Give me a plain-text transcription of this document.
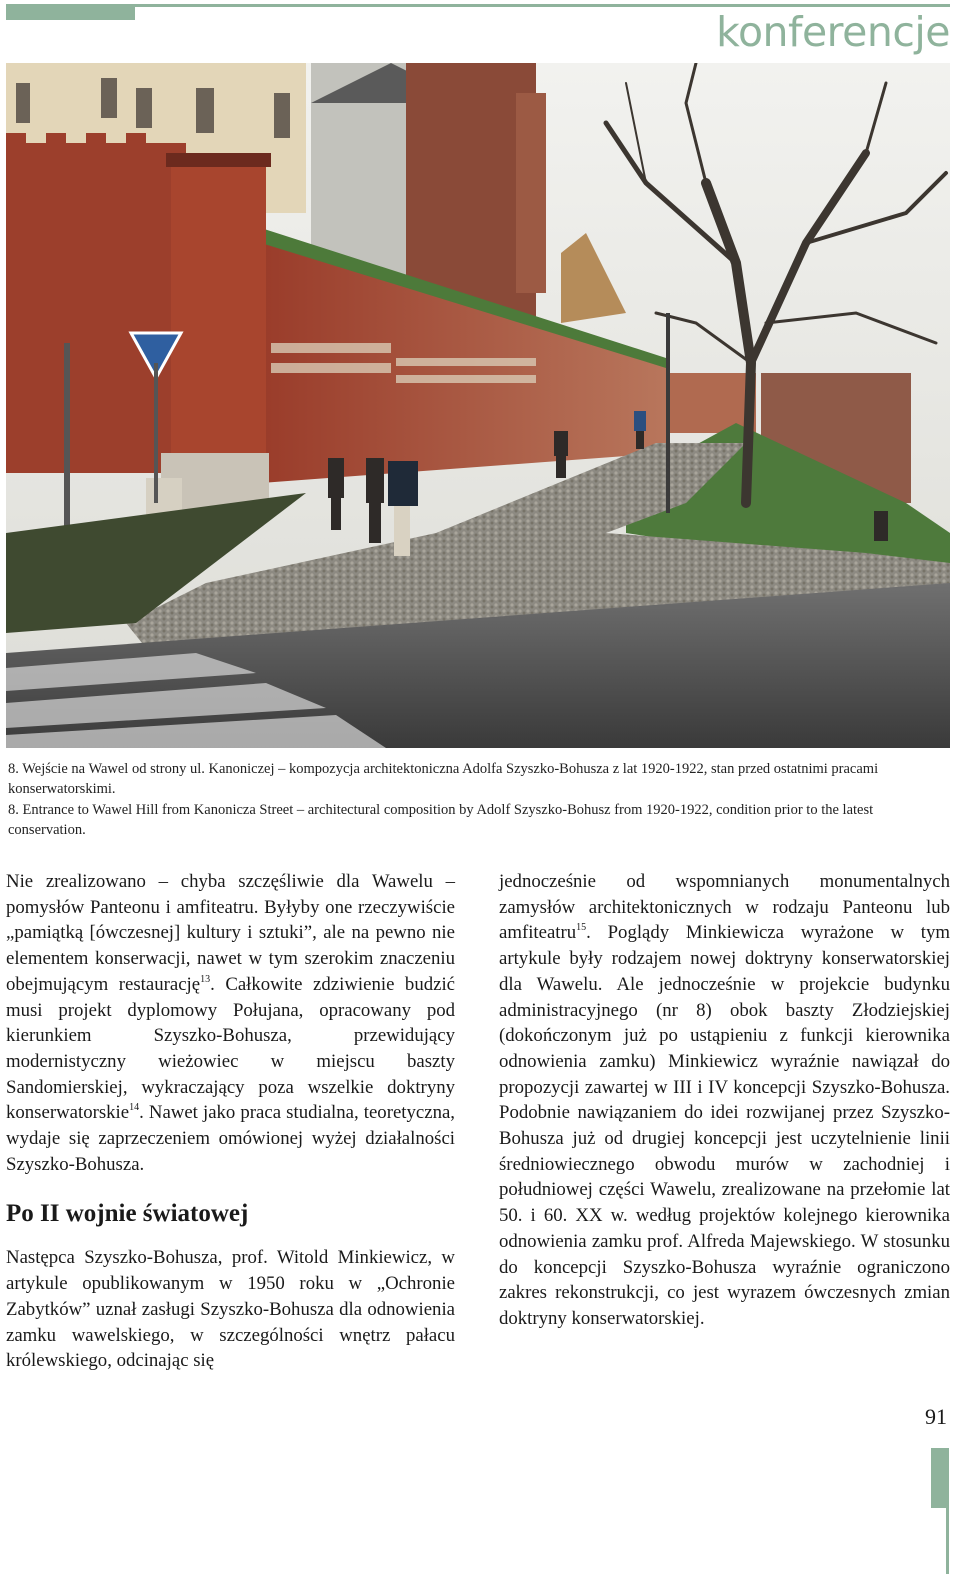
konferencje
8. Wejście na Wawel od strony ul. Kanoniczej – kompozycja architektoniczna Adolfa Szyszko-Bohusza z lat 1920-1922, stan przed ostatnimi pracami konserwatorskimi.
8. Entrance to Wawel Hill from Kanonicza Street – architectural composition by Adolf Szyszko-Bohusz from 1920-1922, condition prior to the latest conservation.

Nie zrealizowano – chyba szczęśliwie dla Wawelu – pomysłów Panteonu i amfiteatru. Byłyby one rzeczywiście „pamiątką [ówczesnej] kultury i sztuki”, ale na pewno nie elementem konserwacji, nawet w tym szerokim znaczeniu obejmującym restaurację$^{13}$. Całkowite zdziwienie budzić musi projekt dyplomowy Połujana, opracowany pod kierunkiem Szyszko-Bohusza, przewidujący modernistyczny wieżowiec w miejscu baszty Sandomierskiej, wykraczający poza wszelkie doktryny konserwatorskie$^{14}$. Nawet jako praca studialna, teoretyczna, wydaje się zaprzeczeniem omówionej wyżej działalności Szyszko-Bohusza.

Po II wojnie światowej

Następca Szyszko-Bohusza, prof. Witold Minkiewicz, w artykule opublikowanym w 1950 roku w „Ochronie Zabytków” uznał zasługi Szyszko-Bohusza dla odnowienia zamku wawelskiego, w szczególności wnętrz pałacu królewskiego, odcinając się

jednocześnie od wspomnianych monumentalnych zamysłów architektonicznych w rodzaju Panteonu lub amfiteatru$^{15}$. Poglądy Minkiewicza wyrażone w tym artykule były rodzajem nowej doktryny konserwatorskiej dla Wawelu. Ale jednocześnie w projekcie budynku administracyjnego (nr 8) obok baszty Złodziejskiej (dokończonym już po ustąpieniu z funkcji kierownika odnowienia zamku) Minkiewicz wyraźnie nawiązał do propozycji zawartej w III i IV koncepcji Szyszko-Bohusza. Podobnie nawiązaniem do idei rozwijanej przez Szyszko-Bohusza już od drugiej koncepcji jest uczytelnienie linii średniowiecznego obwodu murów w zachodniej i południowej części Wawelu, zrealizowane na przełomie lat 50. i 60. XX w. według projektów kolejnego kierownika odnowienia zamku prof. Alfreda Majewskiego. W stosunku do koncepcji Szyszko-Bohusza wyraźnie ograniczono zakres rekonstrukcji, co jest wyrazem ówczesnych zmian doktryny konserwatorskiej.

91
